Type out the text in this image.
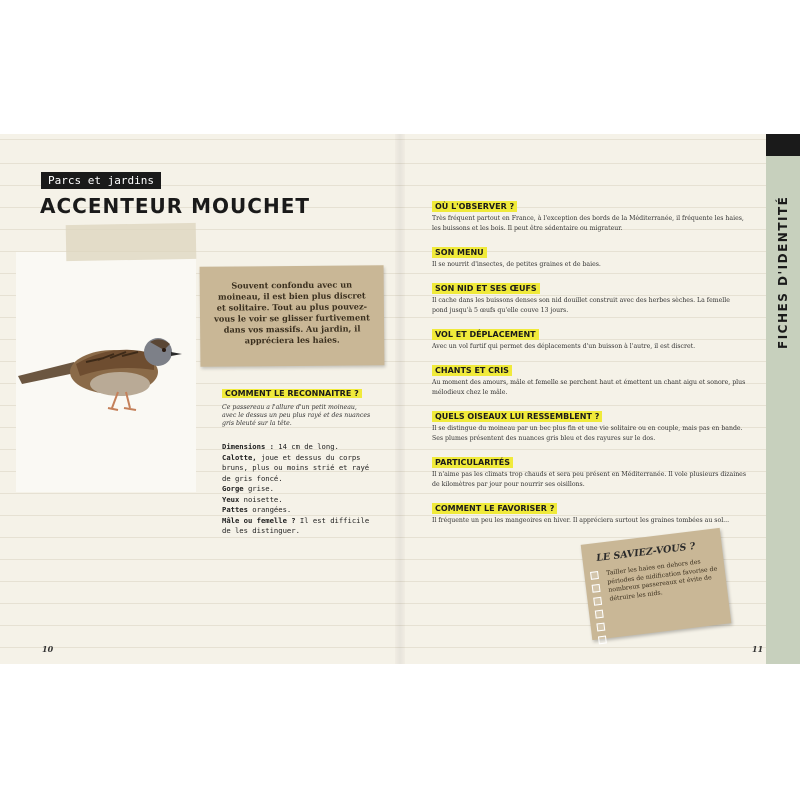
Parcs et jardins
ACCENTEUR MOUCHET

Souvent confondu avec un moineau, il est bien plus discret et solitaire. Tout au plus pouvez-vous le voir se glisser furtivement dans vos massifs. Au jardin, il appréciera les haies.

COMMENT LE RECONNAITRE ?
Ce passereau a l'allure d'un petit moineau, avec le dessus un peu plus rayé et des nuances gris bleuté sur la tête.
Dimensions : 14 cm de long.
Calotte, joue et dessus du corps bruns, plus ou moins strié et rayé de gris foncé.
Gorge grise.
Yeux noisette.
Pattes orangées.
Mâle ou femelle ? Il est difficile de les distinguer.
10
OÙ L'OBSERVER ?
Très fréquent partout en France, à l'exception des bords de la Méditerranée, il fréquente les haies, les buissons et les bois. Il peut être sédentaire ou migrateur.
SON MENU
Il se nourrit d'insectes, de petites graines et de baies.
SON NID ET SES ŒUFS
Il cache dans les buissons denses son nid douillet construit avec des herbes sèches. La femelle pond jusqu'à 5 œufs qu'elle couve 13 jours.
VOL ET DÉPLACEMENT
Avec un vol furtif qui permet des déplacements d'un buisson à l'autre, il est discret.
CHANTS ET CRIS
Au moment des amours, mâle et femelle se perchent haut et émettent un chant aigu et sonore, plus mélodieux chez le mâle.
QUELS OISEAUX LUI RESSEMBLENT ?
Il se distingue du moineau par un bec plus fin et une vie solitaire ou en couple, mais pas en bande. Ses plumes présentent des nuances gris bleu et des rayures sur le dos.
PARTICULARITÉS
Il n'aime pas les climats trop chauds et sera peu présent en Méditerranée. Il vole plusieurs dizaines de kilomètres par jour pour nourrir ses oisillons.
COMMENT LE FAVORISER ?
Il fréquente un peu les mangeoires en hiver. Il appréciera surtout les graines tombées au sol...
LE SAVIEZ-VOUS ?
Tailler les haies en dehors des périodes de nidification favorise de nombreux passereaux et évite de détruire les nids.
11
FICHES D'IDENTITÉ
